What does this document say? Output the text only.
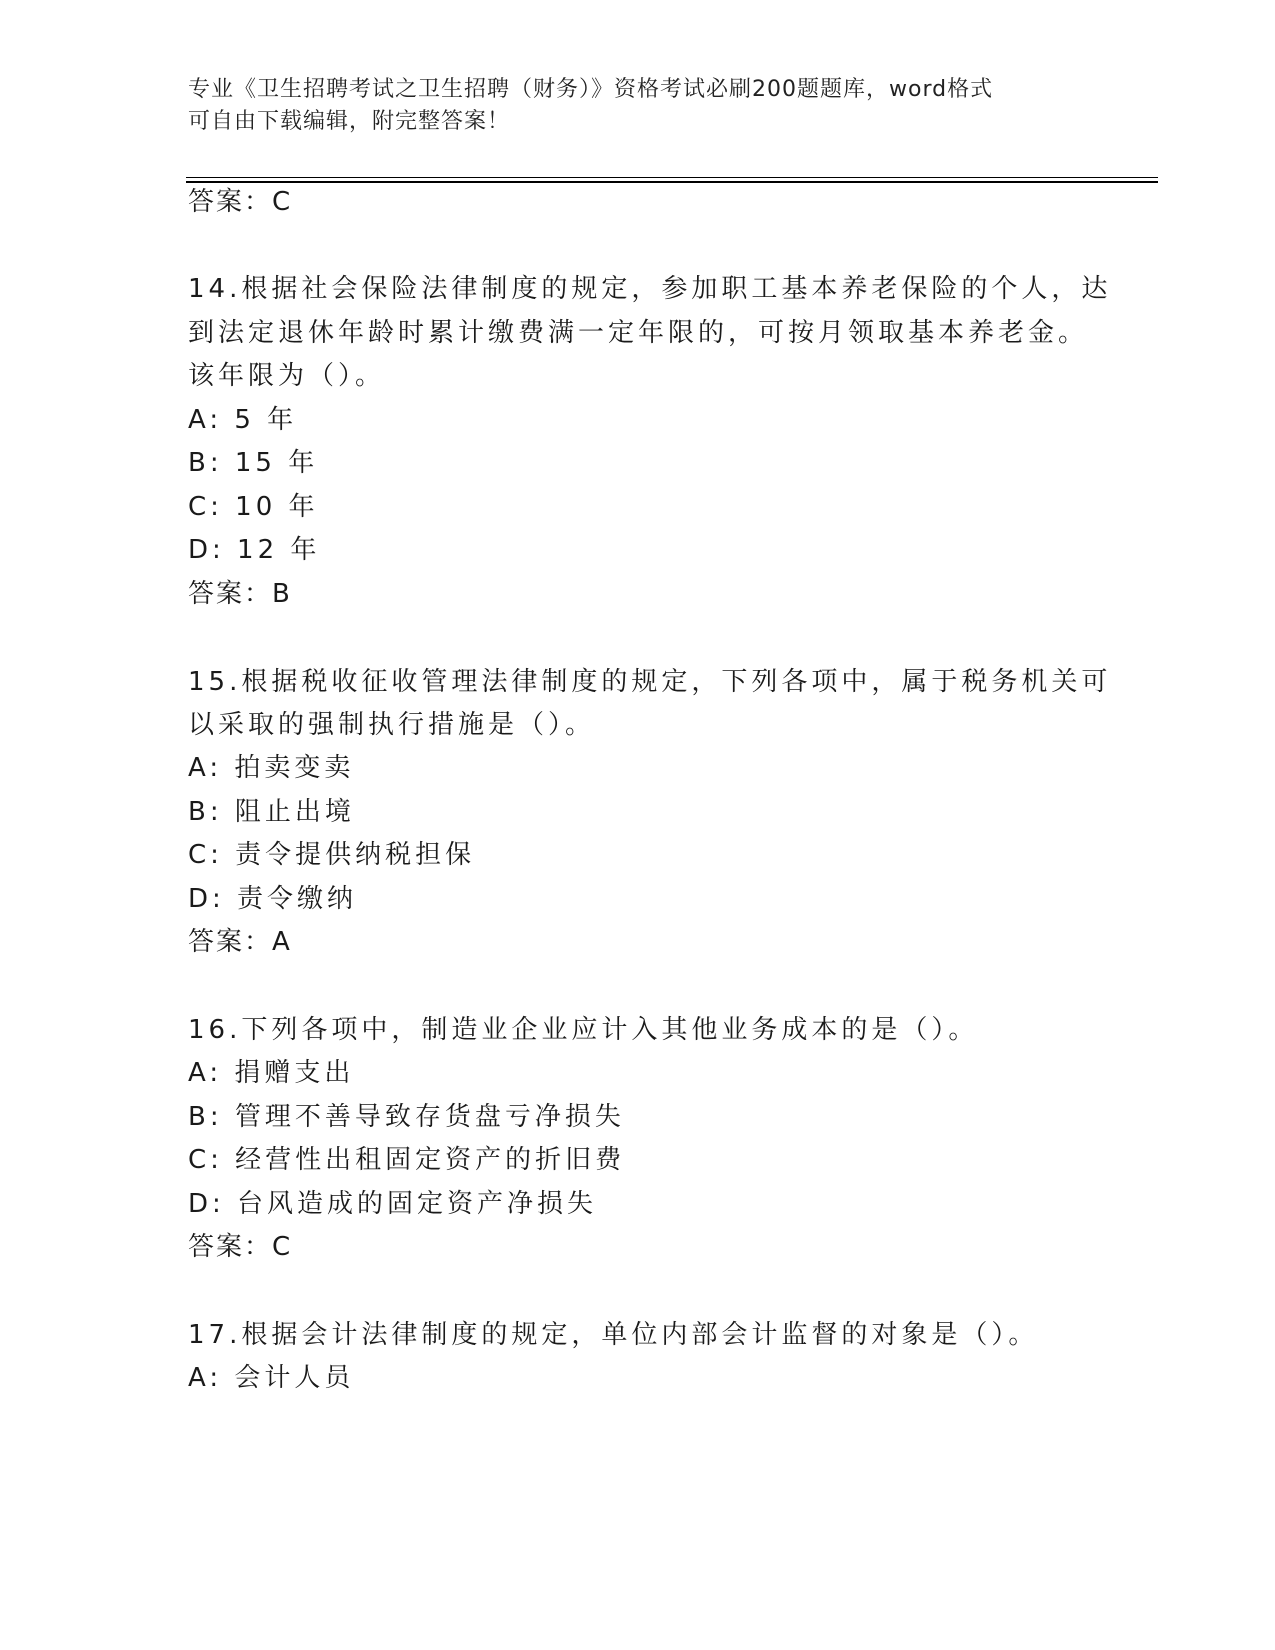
专业《卫生招聘考试之卫生招聘（财务）》资格考试必刷200题题库，word格式
可自由下载编辑，附完整答案！
答案：C
14.根据社会保险法律制度的规定，参加职工基本养老保险的个人，达
到法定退休年龄时累计缴费满一定年限的，可按月领取基本养老金。
该年限为（）。
A: 5 年
B: 15 年
C: 10 年
D: 12 年
答案：B
15.根据税收征收管理法律制度的规定，下列各项中，属于税务机关可
以采取的强制执行措施是（）。
A: 拍卖变卖
B: 阻止出境
C: 责令提供纳税担保
D: 责令缴纳
答案：A
16.下列各项中，制造业企业应计入其他业务成本的是（）。
A: 捐赠支出
B: 管理不善导致存货盘亏净损失
C: 经营性出租固定资产的折旧费
D: 台风造成的固定资产净损失
答案：C
17.根据会计法律制度的规定，单位内部会计监督的对象是（）。
A: 会计人员
